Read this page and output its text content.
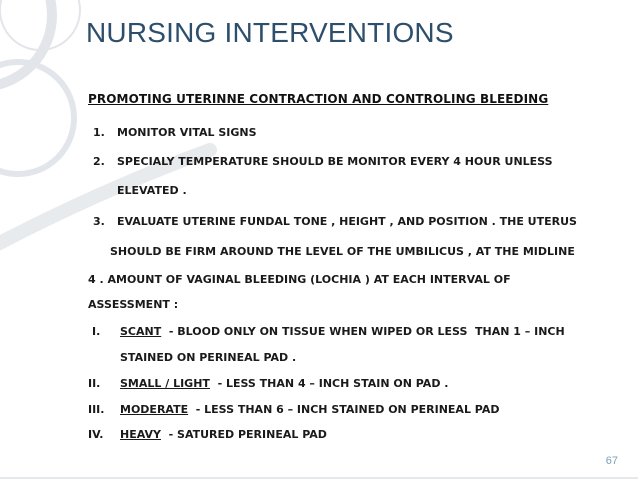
NURSING INTERVENTIONS
PROMOTING UTERINNE CONTRACTION AND CONTROLING BLEEDING
1. MONITOR VITAL SIGNS
2. SPECIALY TEMPERATURE SHOULD BE MONITOR EVERY 4 HOUR UNLESS
ELEVATED .
3. EVALUATE UTERINE FUNDAL TONE , HEIGHT , AND POSITION . THE UTERUS
SHOULD BE FIRM AROUND THE LEVEL OF THE UMBILICUS , AT THE MIDLINE
4 . AMOUNT OF VAGINAL BLEEDING (LOCHIA ) AT EACH INTERVAL OF
ASSESSMENT :
I. SCANT  - BLOOD ONLY ON TISSUE WHEN WIPED OR LESS  THAN 1 – INCH
STAINED ON PERINEAL PAD .
II. SMALL / LIGHT  - LESS THAN 4 – INCH STAIN ON PAD .
III. MODERATE  - LESS THAN 6 – INCH STAINED ON PERINEAL PAD
IV. HEAVY  - SATURED PERINEAL PAD
67
